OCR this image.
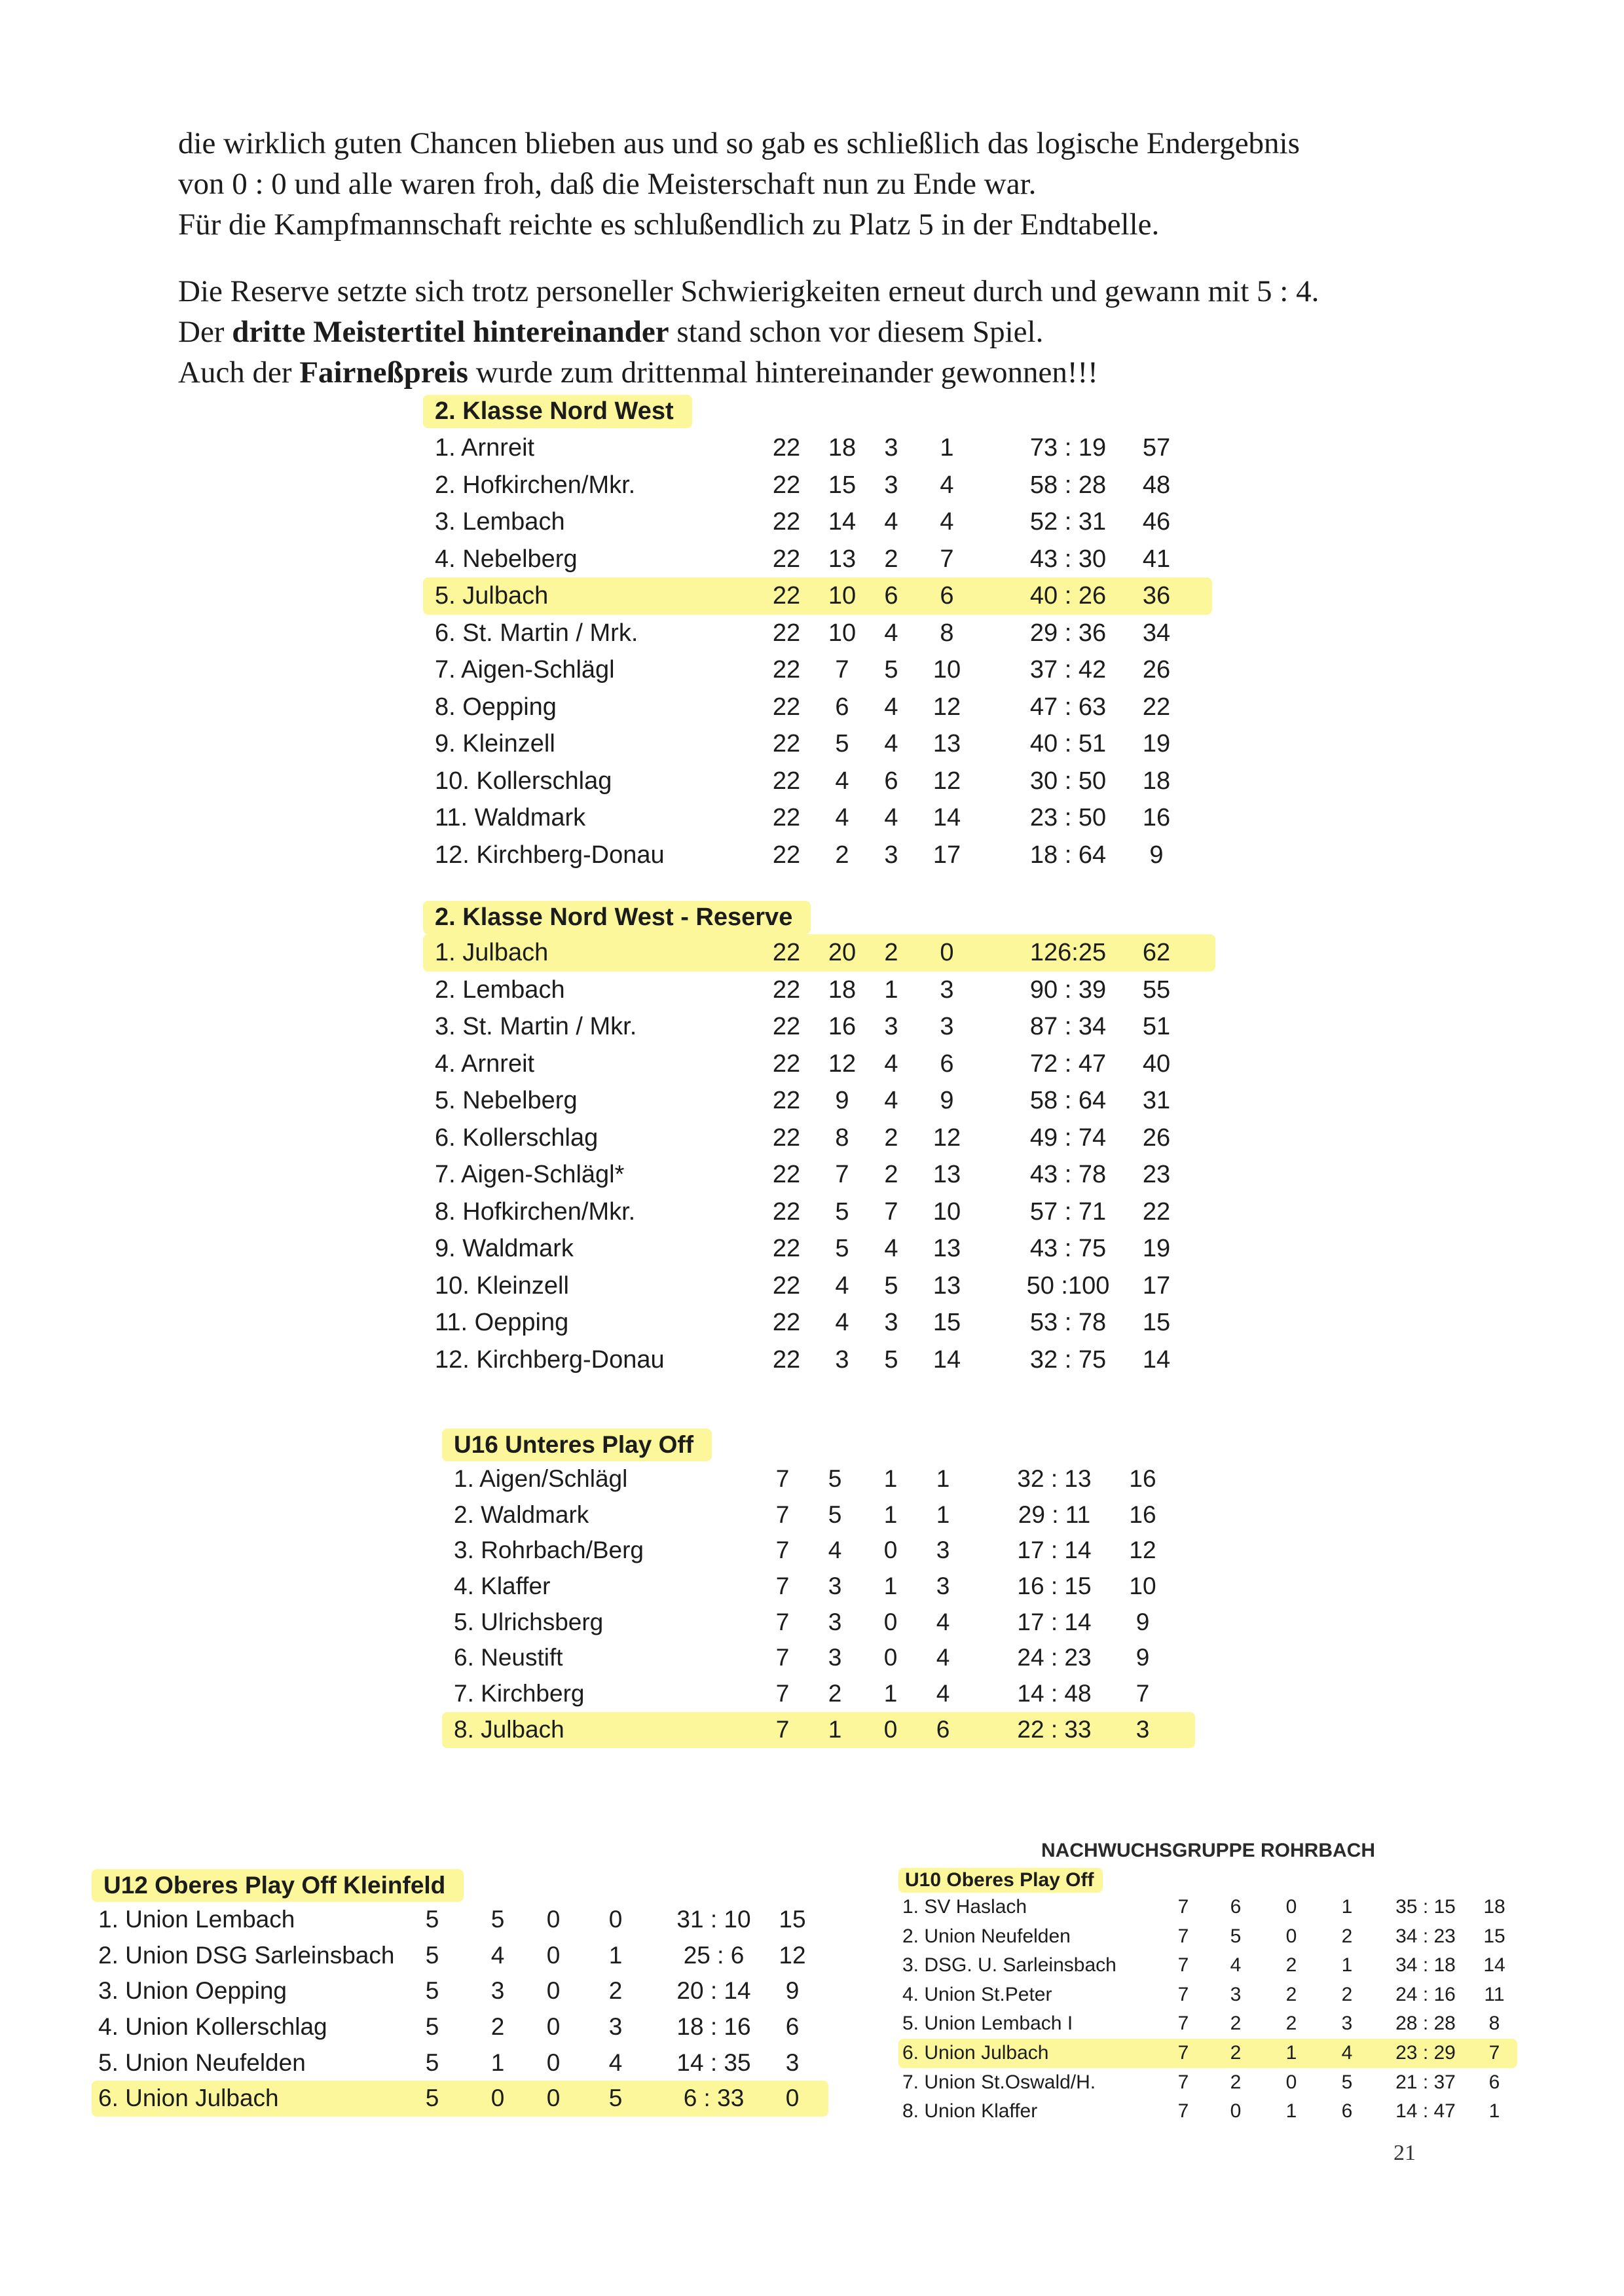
die wirklich guten Chancen blieben aus und so gab es schließlich das logische Endergebnis

von 0 : 0 und alle waren froh, daß die Meisterschaft nun zu Ende war.

Für die Kampfmannschaft reichte es schlußendlich zu Platz 5 in der Endtabelle.

Die Reserve setzte sich trotz personeller Schwierigkeiten erneut durch und gewann mit 5 : 4.

Der dritte Meistertitel hintereinander stand schon vor diesem Spiel.

Auch der Fairneßpreis wurde zum drittenmal hintereinander gewonnen!!!

2. Klasse Nord West
1. Arnreit	22	18	3	1	73 : 19	57
2. Hofkirchen/Mkr.	22	15	3	4	58 : 28	48
3. Lembach	22	14	4	4	52 : 31	46
4. Nebelberg	22	13	2	7	43 : 30	41
5. Julbach	22	10	6	6	40 : 26	36
6. St. Martin / Mrk.	22	10	4	8	29 : 36	34
7. Aigen-Schlägl	22	7	5	10	37 : 42	26
8. Oepping	22	6	4	12	47 : 63	22
9. Kleinzell	22	5	4	13	40 : 51	19
10. Kollerschlag	22	4	6	12	30 : 50	18
11. Waldmark	22	4	4	14	23 : 50	16
12. Kirchberg-Donau	22	2	3	17	18 : 64	9
2. Klasse Nord West - Reserve
1. Julbach	22	20	2	0	126:25	62
2. Lembach	22	18	1	3	90 : 39	55
3. St. Martin / Mkr.	22	16	3	3	87 : 34	51
4. Arnreit	22	12	4	6	72 : 47	40
5. Nebelberg	22	9	4	9	58 : 64	31
6. Kollerschlag	22	8	2	12	49 : 74	26
7. Aigen-Schlägl*	22	7	2	13	43 : 78	23
8. Hofkirchen/Mkr.	22	5	7	10	57 : 71	22
9. Waldmark	22	5	4	13	43 : 75	19
10. Kleinzell	22	4	5	13	50 :100	17
11. Oepping	22	4	3	15	53 : 78	15
12. Kirchberg-Donau	22	3	5	14	32 : 75	14
U16 Unteres Play Off
1. Aigen/Schlägl	7	5	1	1	32 : 13	16
2. Waldmark	7	5	1	1	29 : 11	16
3. Rohrbach/Berg	7	4	0	3	17 : 14	12
4. Klaffer	7	3	1	3	16 : 15	10
5. Ulrichsberg	7	3	0	4	17 : 14	9
6. Neustift	7	3	0	4	24 : 23	9
7. Kirchberg	7	2	1	4	14 : 48	7
8. Julbach	7	1	0	6	22 : 33	3
U12 Oberes Play Off Kleinfeld
1. Union Lembach	5	5	0	0	31 : 10	15
2. Union DSG Sarleinsbach	5	4	0	1	25 : 6	12
3. Union Oepping	5	3	0	2	20 : 14	9
4. Union Kollerschlag	5	2	0	3	18 : 16	6
5. Union Neufelden	5	1	0	4	14 : 35	3
6. Union Julbach	5	0	0	5	6 : 33	0
NACHWUCHSGRUPPE ROHRBACH
U10 Oberes Play Off
1. SV Haslach	7	6	0	1	35 : 15	18
2. Union Neufelden	7	5	0	2	34 : 23	15
3. DSG. U. Sarleinsbach	7	4	2	1	34 : 18	14
4. Union St.Peter	7	3	2	2	24 : 16	11
5. Union Lembach I	7	2	2	3	28 : 28	8
6. Union Julbach	7	2	1	4	23 : 29	7
7. Union St.Oswald/H.	7	2	0	5	21 : 37	6
8. Union Klaffer	7	0	1	6	14 : 47	1
21
